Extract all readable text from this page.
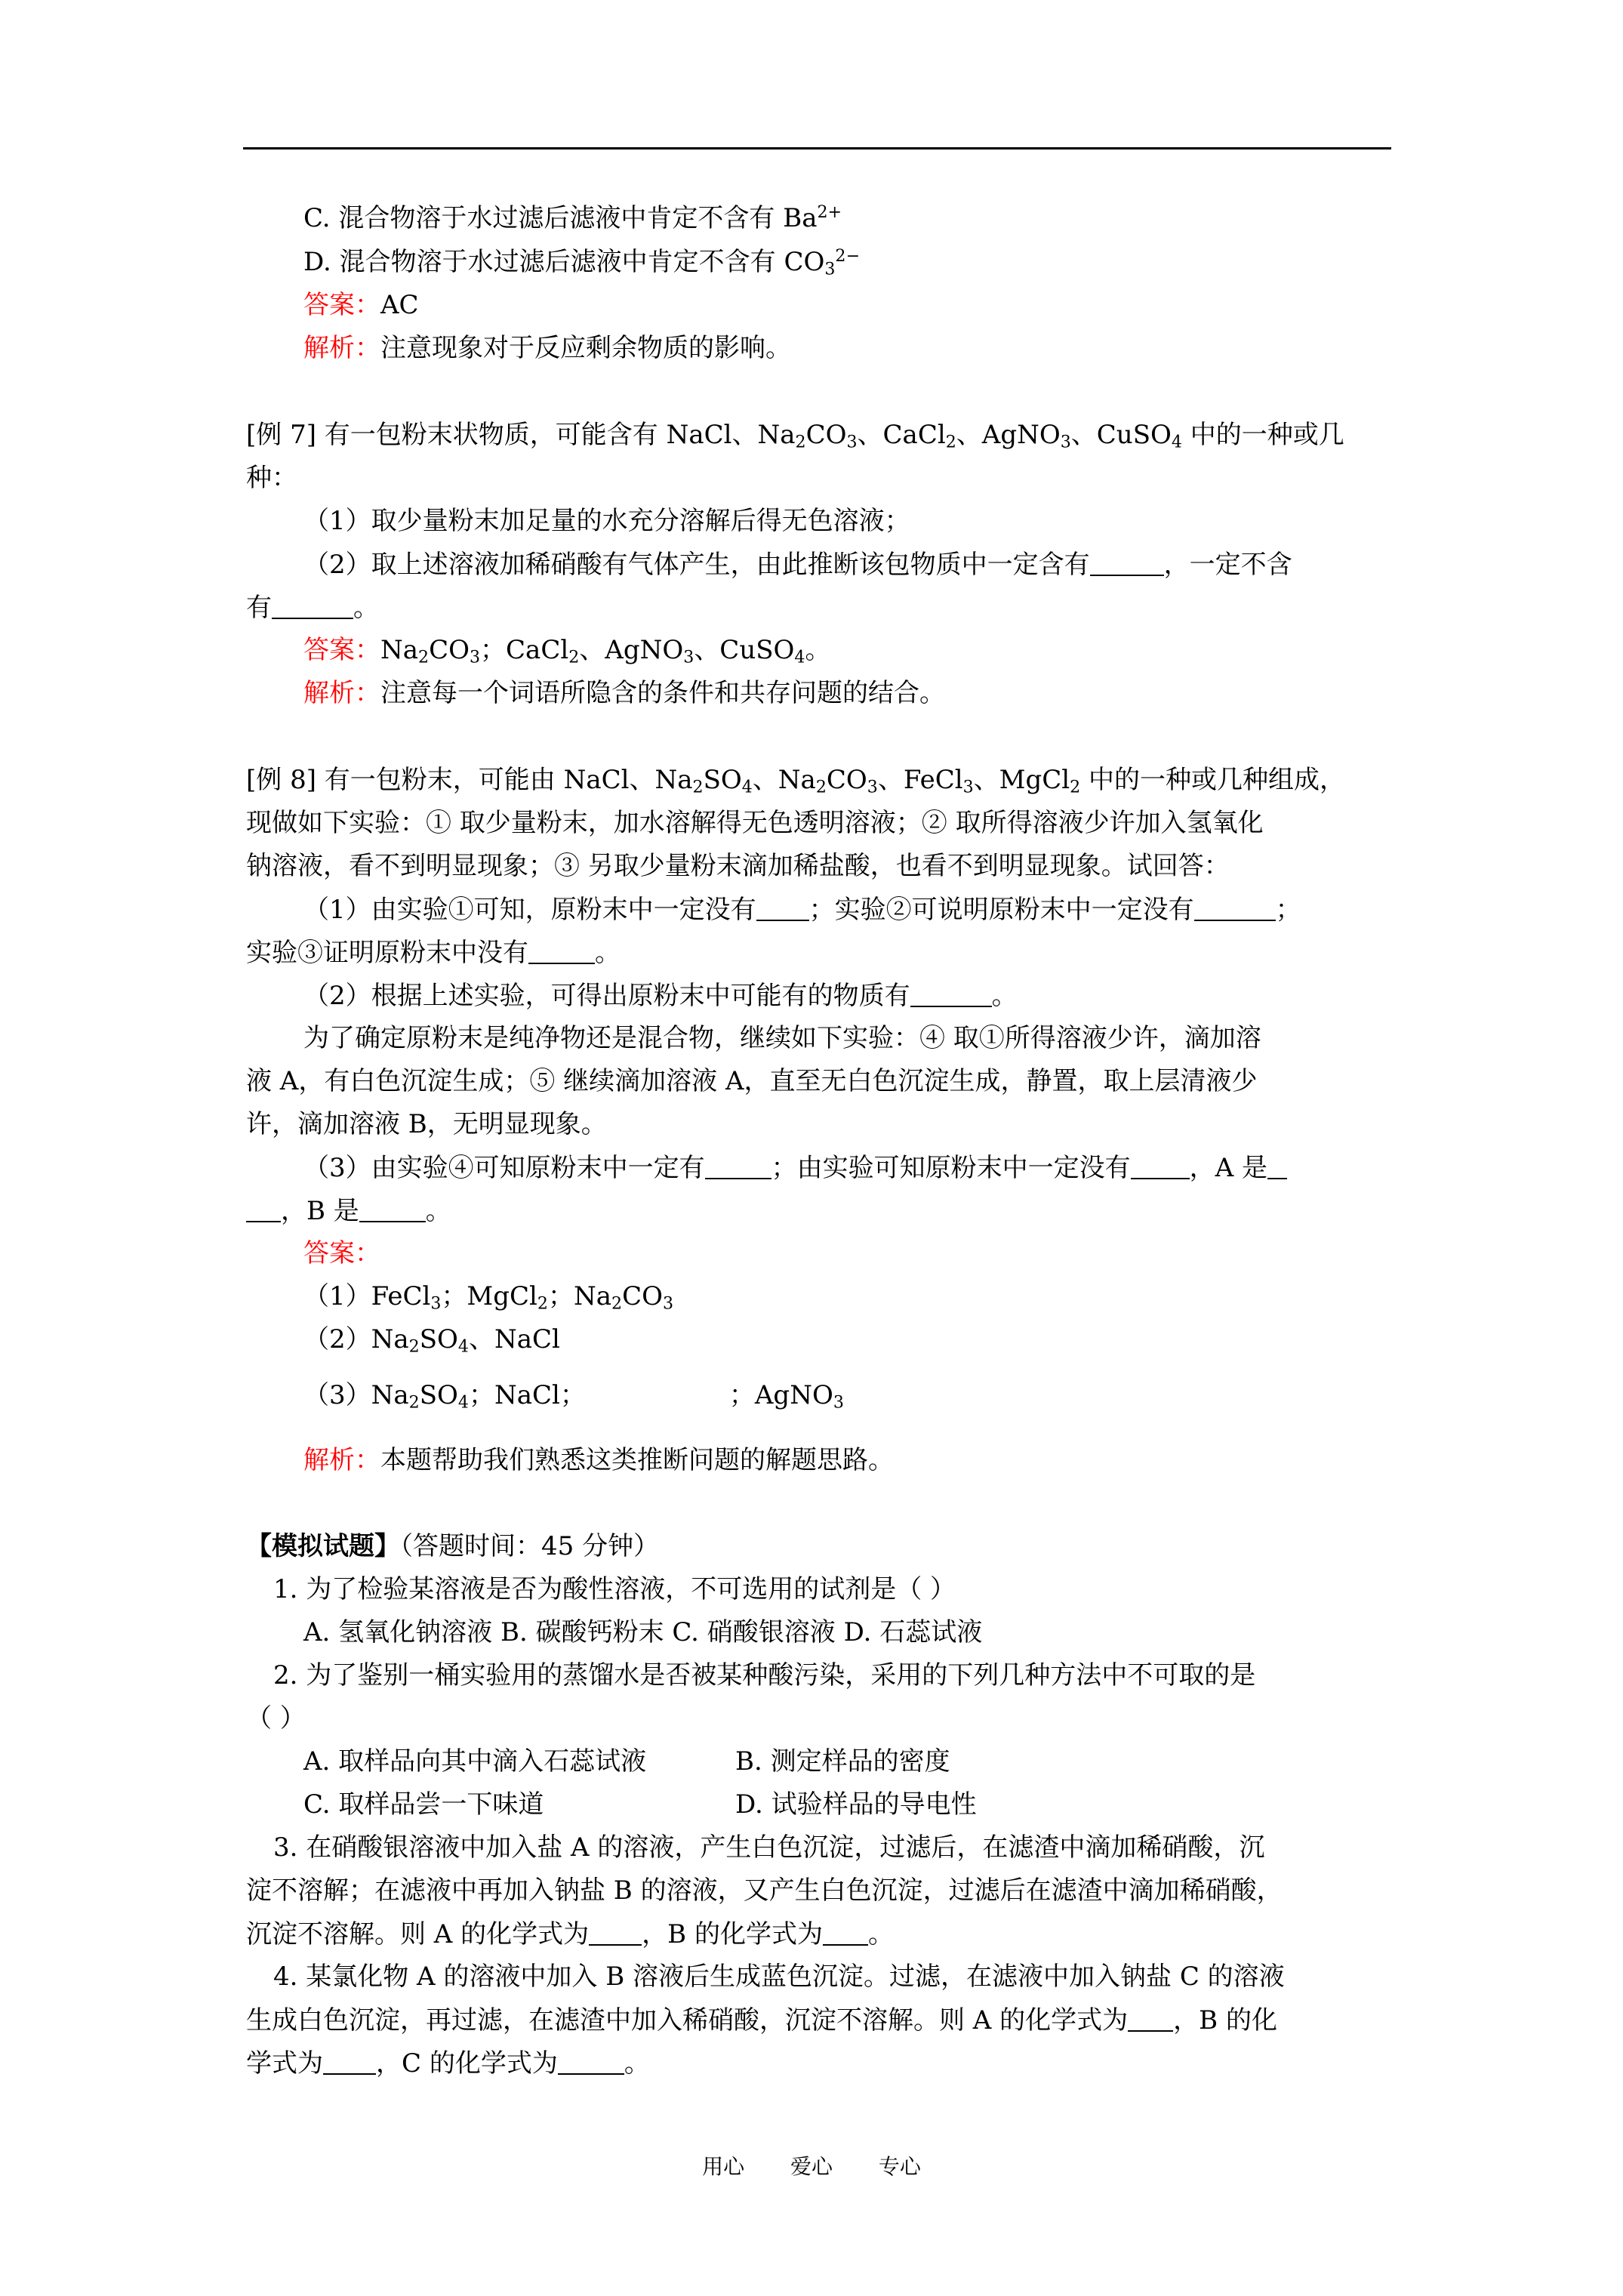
C. 混合物溶于水过滤后滤液中肯定不含有 $Ba^{2+}$
D. 混合物溶于水过滤后滤液中肯定不含有 $CO_3^{2-}$
答案：AC
解析：注意现象对于反应剩余物质的影响。
[例 7] 有一包粉末状物质，可能含有 NaCl、$Na_2CO_3$、CaCl$_2$、AgNO$_3$、CuSO$_4$ 中的一种或几
种：
（1）取少量粉末加足量的水充分溶解后得无色溶液；
（2）取上述溶液加稀硝酸有气体产生，由此推断该包物质中一定含有	，一定不含
有	。
答案：$Na_2CO_3$；CaCl$_2$、AgNO$_3$、CuSO$_4$。
解析：注意每一个词语所隐含的条件和共存问题的结合。
[例 8] 有一包粉末，可能由 NaCl、$Na_2SO_4$、$Na_2CO_3$、FeCl$_3$、MgCl$_2$ 中的一种或几种组成，
现做如下实验：① 取少量粉末，加水溶解得无色透明溶液；② 取所得溶液少许加入氢氧化
钠溶液，看不到明显现象；③ 另取少量粉末滴加稀盐酸，也看不到明显现象。试回答：
（1）由实验①可知，原粉末中一定没有 ；实验②可说明原粉末中一定没有	；
实验③证明原粉末中没有	。
（2）根据上述实验，可得出原粉末中可能有的物质有	。
为了确定原粉末是纯净物还是混合物，继续如下实验：④ 取①所得溶液少许，滴加溶
液 A，有白色沉淀生成；⑤ 继续滴加溶液 A，直至无白色沉淀生成，静置，取上层清液少
许，滴加溶液 B，无明显现象。
（3）由实验④可知原粉末中一定有	；由实验可知原粉末中一定没有 ，A 是
，B 是	。
答案：
（1）FeCl$_3$；MgCl$_2$；$Na_2CO_3$
$(2)Na_2SO_4$、NaCl
$(3)Na_2SO_4$；NaCl；	；AgNO$_3$
解析：本题帮助我们熟悉这类推断问题的解题思路。
【模拟试题】（答题时间：45 分钟）
1. 为了检验某溶液是否为酸性溶液，不可选用的试剂是（ ）
A. 氢氧化钠溶液 B. 碳酸钙粉末 C. 硝酸银溶液 D. 石蕊试液
2. 为了鉴别一桶实验用的蒸馏水是否被某种酸污染，采用的下列几种方法中不可取的是
（ ）
A. 取样品向其中滴入石蕊试液	B. 测定样品的密度
C. 取样品尝一下味道	D. 试验样品的导电性
3. 在硝酸银溶液中加入盐 A 的溶液，产生白色沉淀，过滤后，在滤渣中滴加稀硝酸，沉
淀不溶解；在滤液中再加入钠盐 B 的溶液，又产生白色沉淀，过滤后在滤渣中滴加稀硝酸，
沉淀不溶解。则 A 的化学式为 ，B 的化学式为 。
4. 某氯化物 A 的溶液中加入 B 溶液后生成蓝色沉淀。过滤，在滤液中加入钠盐 C 的溶液
生成白色沉淀，再过滤，在滤渣中加入稀硝酸，沉淀不溶解。则 A 的化学式为 ，B 的化
学式为 ，C 的化学式为	。
用心 爱心 专心
